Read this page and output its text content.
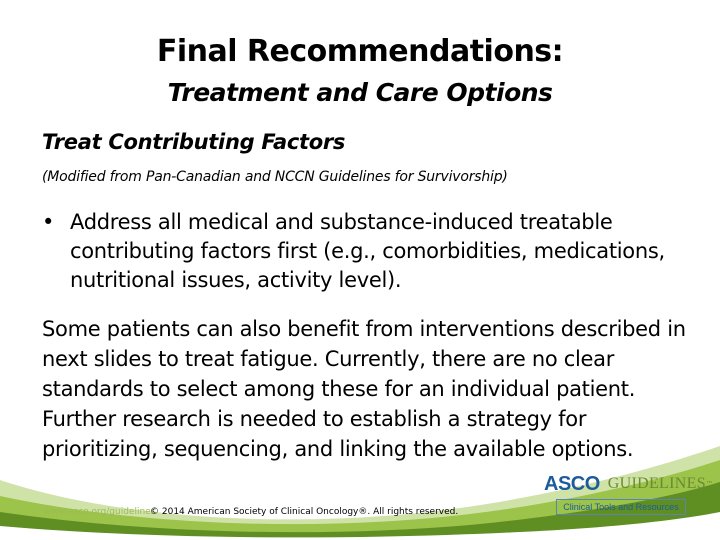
Final Recommendations:
Treatment and Care Options
Treat Contributing Factors
(Modified from Pan-Canadian and NCCN Guidelines for Survivorship)
• Address all medical and substance-induced treatable contributing factors first (e.g., comorbidities, medications, nutritional issues, activity level).
Some patients can also benefit from interventions described in next slides to treat fatigue. Currently, there are no clear standards to select among these for an individual patient. Further research is needed to establish a strategy for prioritizing, sequencing, and linking the available options.
www.asco.org/guidelines
© 2014 American Society of Clinical Oncology®. All rights reserved.
ASCO GUIDELINES ™
Clinical Tools and Resources
